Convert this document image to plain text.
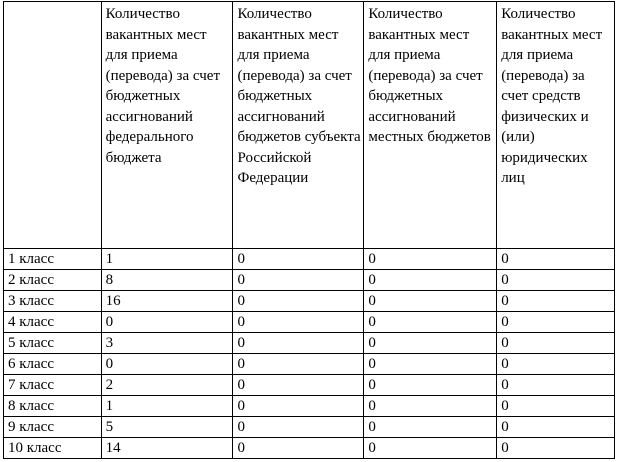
	Количество вакантных мест для приема (перевода) за счет бюджетных ассигнований федерального бюджета	Количество вакантных мест для приема (перевода) за счет бюджетных ассигнований бюджетов субъекта Российской Федерации	Количество вакантных мест для приема (перевода) за счет бюджетных ассигнований местных бюджетов	Количество вакантных мест для приема (перевода) за счет средств физических и (или) юридических лиц
1 класс	1	0	0	0
2 класс	8	0	0	0
3 класс	16	0	0	0
4 класс	0	0	0	0
5 класс	3	0	0	0
6 класс	0	0	0	0
7 класс	2	0	0	0
8 класс	1	0	0	0
9 класс	5	0	0	0
10 класс	14	0	0	0
